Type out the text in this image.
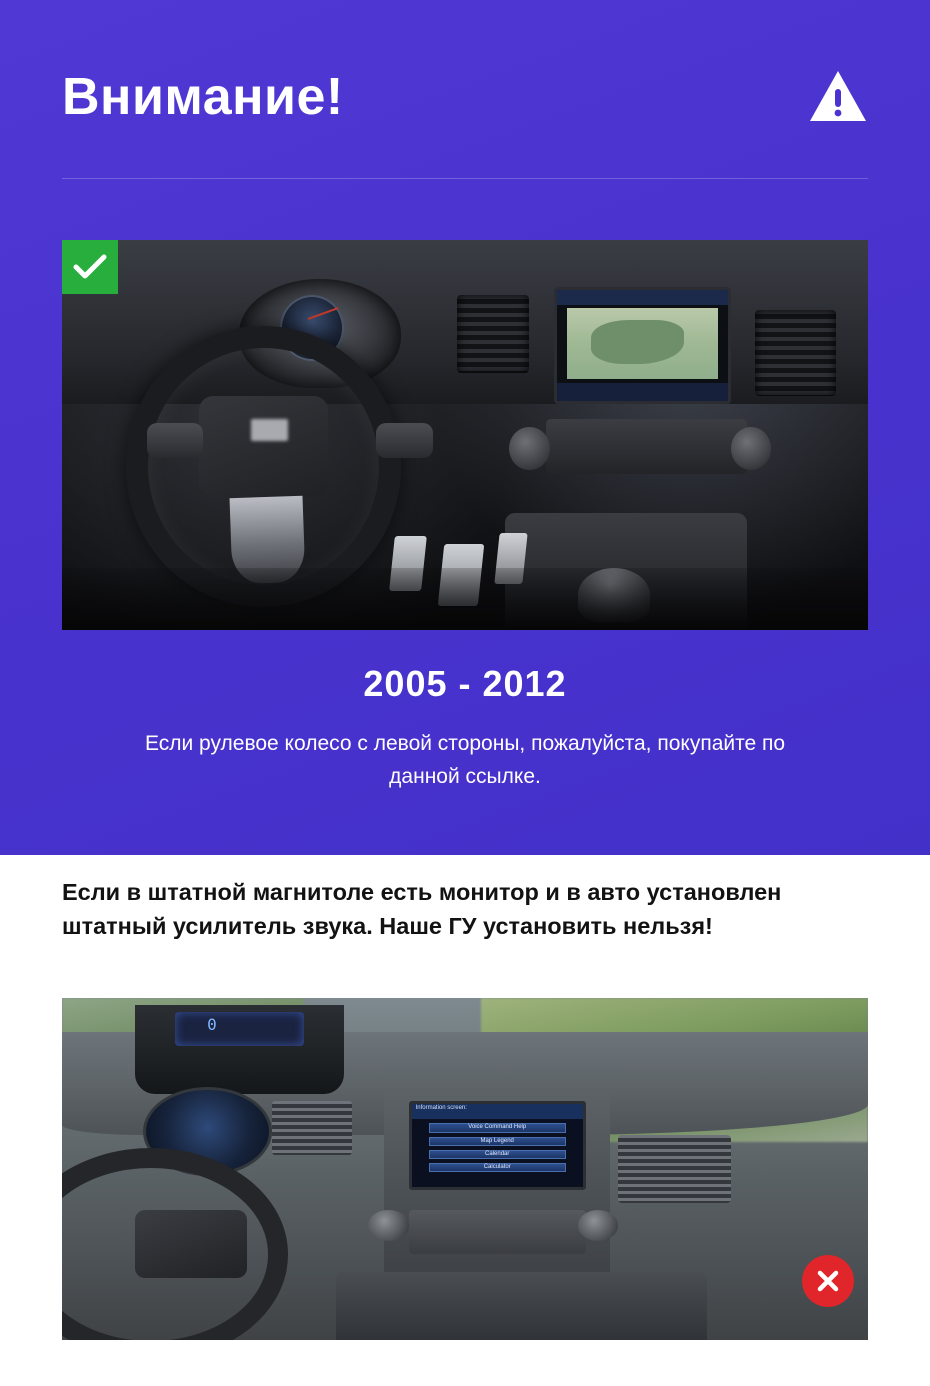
Внимание!
2005 - 2012
Если рулевое колесо с левой стороны, пожалуйста, покупайте по данной ссылке.
Если в штатной магнитоле есть монитор и в авто установлен штатный усилитель звука. Наше ГУ установить нельзя!
0
Information screen:
Voice Command Help
Map Legend
Calendar
Calculator
